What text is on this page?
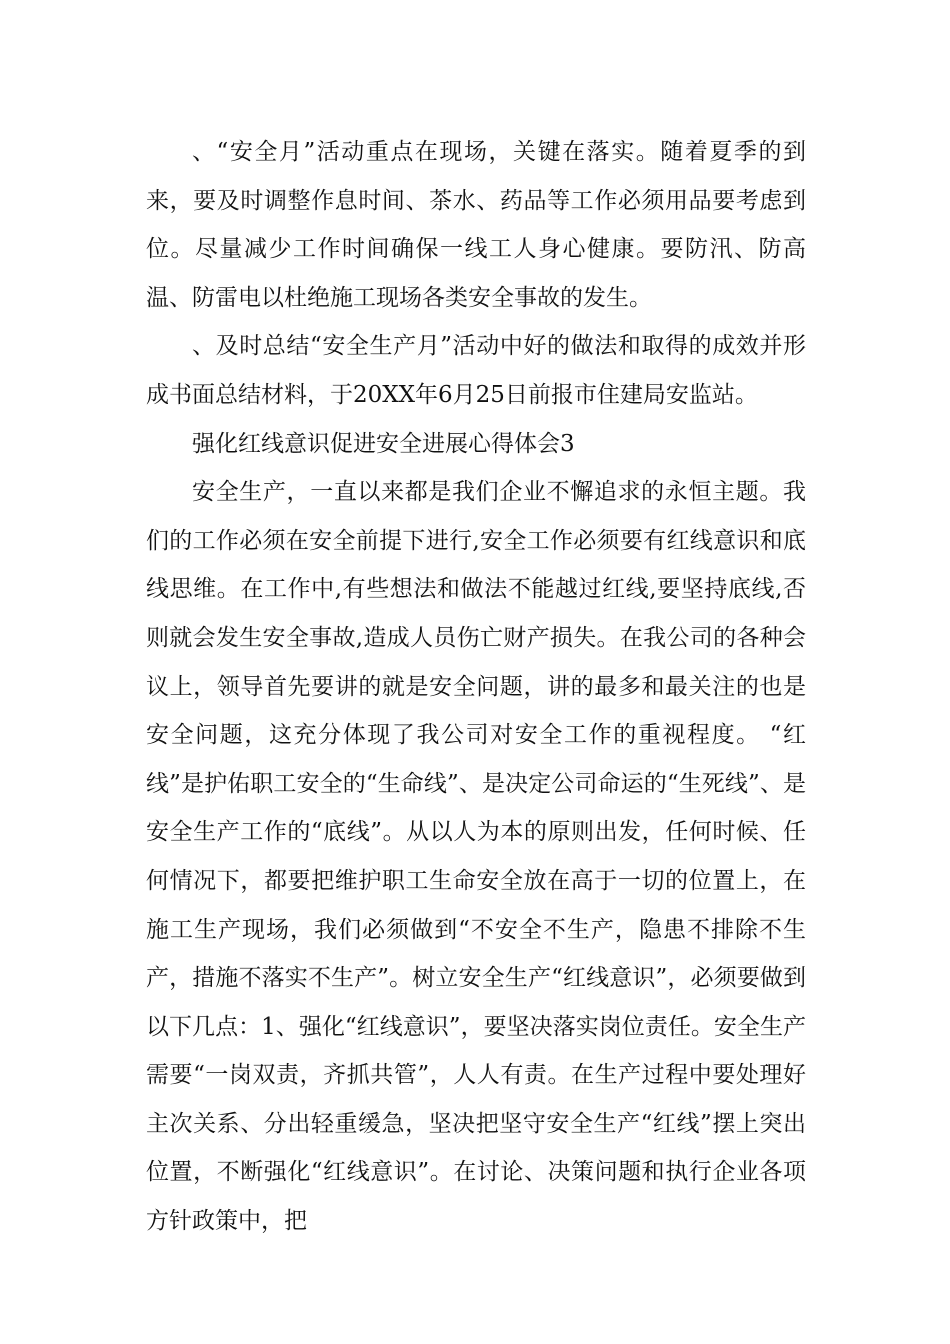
、“安全月”活动重点在现场，关键在落实。随着夏季的到来，要及时调整作息时间、茶水、药品等工作必须用品要考虑到位。尽量减少工作时间确保一线工人身心健康。要防汛、防高温、防雷电以杜绝施工现场各类安全事故的发生。

、及时总结“安全生产月”活动中好的做法和取得的成效并形成书面总结材料，于20XX年6月25日前报市住建局安监站。

强化红线意识促进安全进展心得体会3

安全生产，一直以来都是我们企业不懈追求的永恒主题。我们的工作必须在安全前提下进行,安全工作必须要有红线意识和底线思维。在工作中,有些想法和做法不能越过红线,要坚持底线,否则就会发生安全事故,造成人员伤亡财产损失。在我公司的各种会议上，领导首先要讲的就是安全问题，讲的最多和最关注的也是安全问题，这充分体现了我公司对安全工作的重视程度。 “红线”是护佑职工安全的“生命线”、是决定公司命运的“生死线”、是安全生产工作的“底线”。从以人为本的原则出发，任何时候、任何情况下，都要把维护职工生命安全放在高于一切的位置上，在施工生产现场，我们必须做到“不安全不生产，隐患不排除不生产，措施不落实不生产”。树立安全生产“红线意识”，必须要做到以下几点：1、强化“红线意识”，要坚决落实岗位责任。安全生产需要“一岗双责，齐抓共管”，人人有责。在生产过程中要处理好主次关系、分出轻重缓急，坚决把坚守安全生产“红线”摆上突出位置，不断强化“红线意识”。在讨论、决策问题和执行企业各项方针政策中，把
